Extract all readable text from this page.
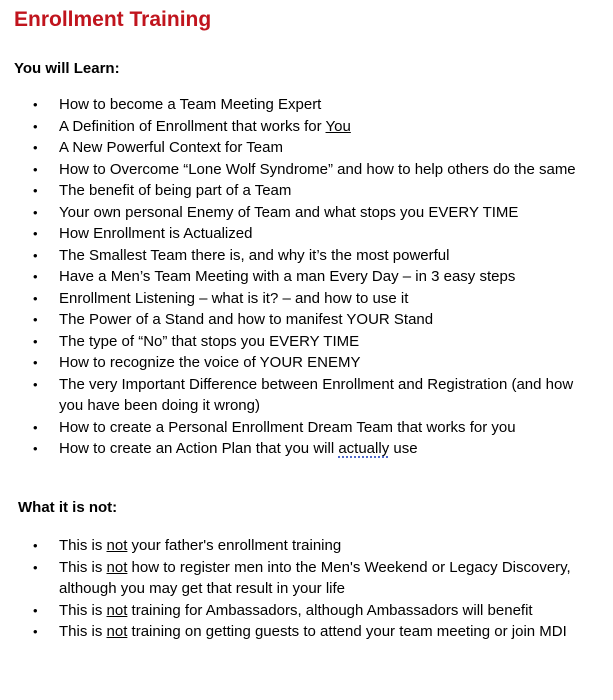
Enrollment Training
You will Learn:
• How to become a Team Meeting Expert
• A Definition of Enrollment that works for You
• A New Powerful Context for Team
• How to Overcome “Lone Wolf Syndrome” and how to help others do the same
• The benefit of being part of a Team
• Your own personal Enemy of Team and what stops you EVERY TIME
• How Enrollment is Actualized
• The Smallest Team there is, and why it’s the most powerful
• Have a Men’s Team Meeting with a man Every Day – in 3 easy steps
• Enrollment Listening – what is it? – and how to use it
• The Power of a Stand and how to manifest YOUR Stand
• The type of “No” that stops you EVERY TIME
• How to recognize the voice of YOUR ENEMY
• The very Important Difference between Enrollment and Registration (and how you have been doing it wrong)
• How to create a Personal Enrollment Dream Team that works for you
• How to create an Action Plan that you will actually use
What it is not:
• This is not your father's enrollment training
• This is not how to register men into the Men's Weekend or Legacy Discovery, although you may get that result in your life
• This is not training for Ambassadors, although Ambassadors will benefit
• This is not training on getting guests to attend your team meeting or join MDI
